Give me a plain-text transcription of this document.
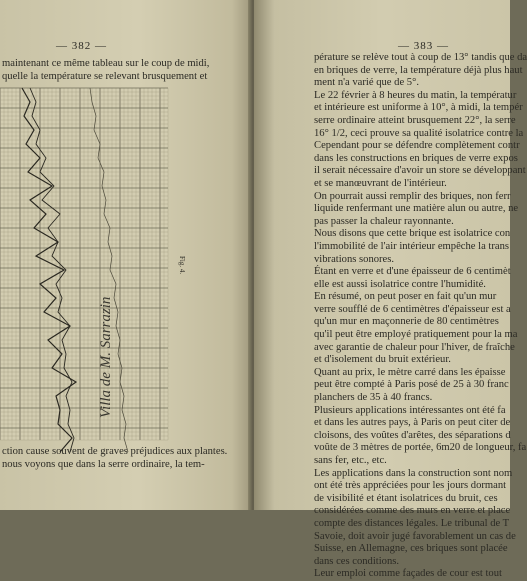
— 382 —
maintenant ce même tableau sur le coup de midi,
quelle la température se relevant brusquement et
Villa de M. Sarrazin
Fig. 4.
ction cause souvent de graves préjudices aux plantes.
nous voyons que dans la serre ordinaire, la tem-
— 383 —
pérature se relève tout à coup de 13° tandis que da
en briques de verre, la température déjà plus haut
ment n'a varié que de 5°.
Le 22 février à 8 heures du matin, la températur
et intérieure est uniforme à 10°, à midi, la tempér
serre ordinaire atteint brusquement 22°, la serre
16° 1/2, ceci prouve sa qualité isolatrice contre la
Cependant pour se défendre complètement contr
dans les constructions en briques de verre expos
il serait nécessaire d'avoir un store se développant
et se manœuvrant de l'intérieur.
On pourrait aussi remplir des briques, non ferr
liquide renfermant une matière alun ou autre, ne
pas passer la chaleur rayonnante.
Nous disons que cette brique est isolatrice con
l'immobilité de l'air intérieur empêche la trans
vibrations sonores.
Étant en verre et d'une épaisseur de 6 centimèt
elle est aussi isolatrice contre l'humidité.
En résumé, on peut poser en fait qu'un mur
verre soufflé de 6 centimètres d'épaisseur est a
qu'un mur en maçonnerie de 80 centimètres
qu'il peut être employé pratiquement pour la ma
avec garantie de chaleur pour l'hiver, de fraîche
et d'isolement du bruit extérieur.
Quant au prix, le mètre carré dans les épaisse
peut être compté à Paris posé de 25 à 30 franc
planchers de 35 à 40 francs.
Plusieurs applications intéressantes ont été fa
et dans les autres pays, à Paris on peut citer de
cloisons, des voûtes d'arêtes, des séparations d
voûte de 3 mètres de portée, 6m20 de longueur, fa
sans fer, etc., etc.
Les applications dans la construction sont nom
ont été très appréciées pour les jours dormant
de visibilité et étant isolatrices du bruit, ces
considérées comme des murs en verre et place
compte des distances légales. Le tribunal de T
Savoie, doit avoir jugé favorablement un cas de
Suisse, en Allemagne, ces briques sont placée
dans ces conditions.
Leur emploi comme façades de cour est tout
